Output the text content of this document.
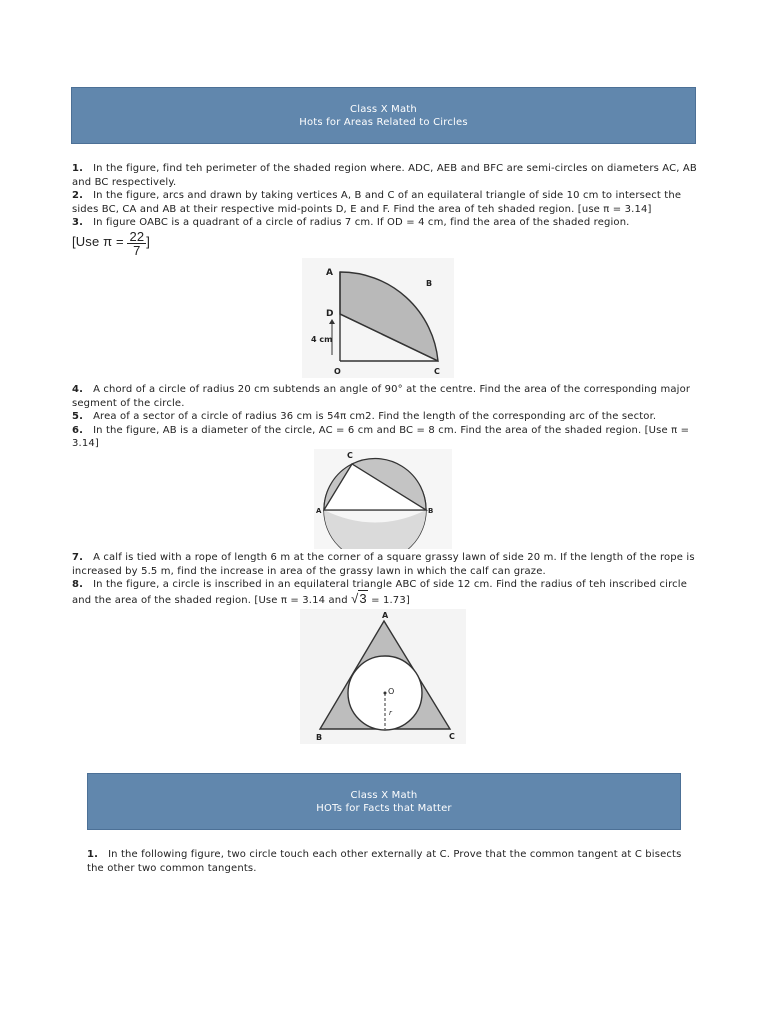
Class X Math
Hots for Areas Related to Circles
1. In the figure, find teh perimeter of the shaded region where. ADC, AEB and BFC are semi-circles on diameters AC, AB and BC respectively.
2. In the figure, arcs and drawn by taking vertices A, B and C of an equilateral triangle of side 10 cm to intersect the sides BC, CA and AB at their respective mid-points D, E and F. Find the area of teh shaded region. [use π = 3.14]
3. In figure OABC is a quadrant of a circle of radius 7 cm. If OD = 4 cm, find the area of the shaded region. [Use $\pi = \frac{22}{7}$ ]
A
B
C
D
O
4 cm
4. A chord of a circle of radius 20 cm subtends an angle of 90° at the centre. Find the area of the corresponding major segment of the circle.
5. Area of a sector of a circle of radius 36 cm is 54π cm2. Find the length of the corresponding arc of the sector.
6. In the figure, AB is a diameter of the circle, AC = 6 cm and BC = 8 cm. Find the area of the shaded region. [Use π = 3.14]
C
A	B
7. A calf is tied with a rope of length 6 m at the corner of a square grassy lawn of side 20 m. If the length of the rope is increased by 5.5 m, find the increase in area of the grassy lawn in which the calf can graze.
8. In the figure, a circle is inscribed in an equilateral triangle ABC of side 12 cm. Find the radius of teh inscribed circle and the area of the shaded region. [Use π = 3.14 and √3 = 1.73]
A
B	C
O
r
Class X Math
HOTs for Facts that Matter
1. In the following figure, two circle touch each other externally at C. Prove that the common tangent at C bisects the other two common tangents.
